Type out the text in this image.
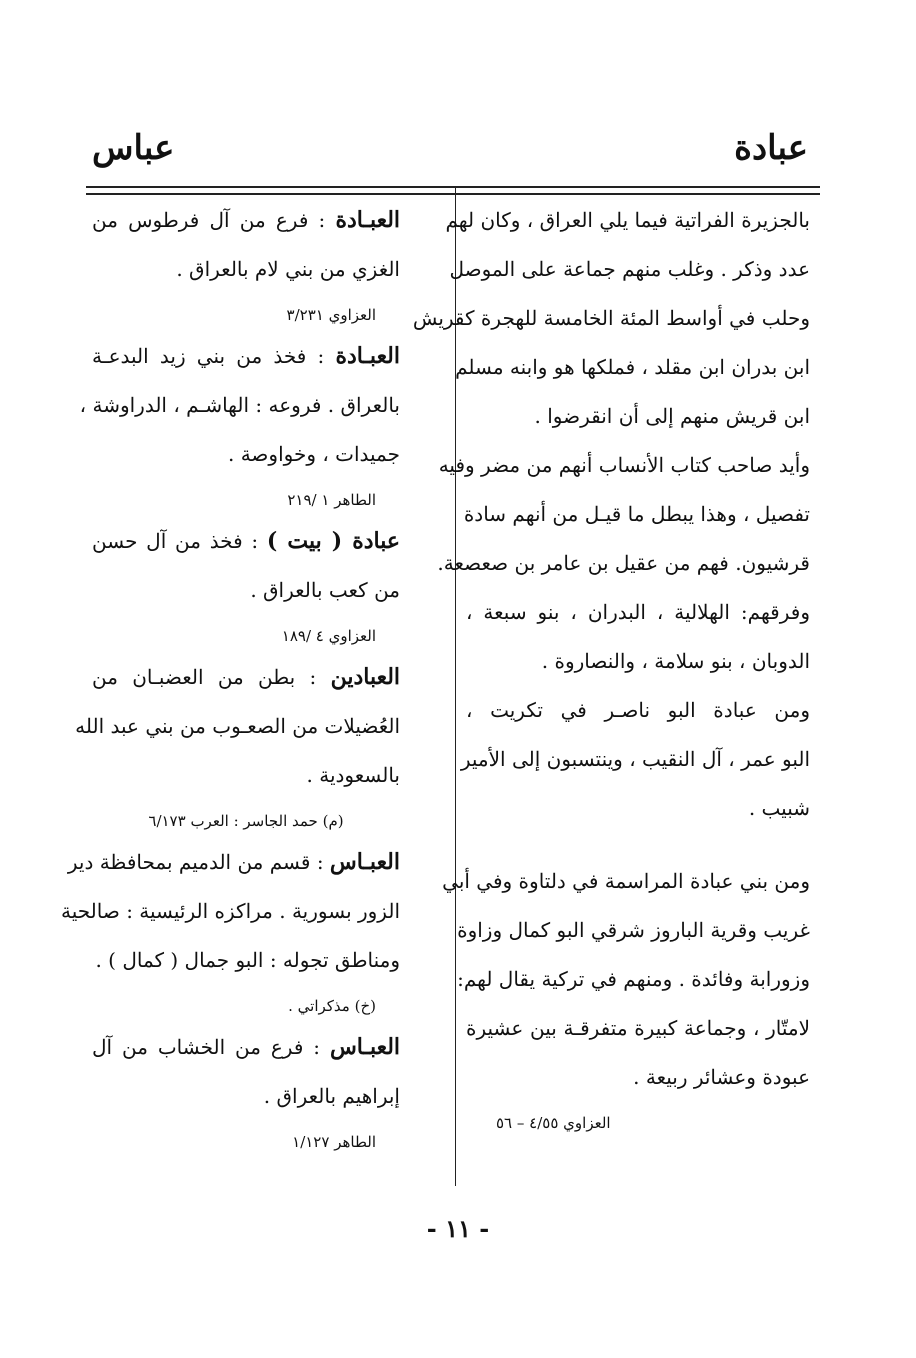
عبادة
عباس
بالجزيرة الفراتية فيما يلي العراق ، وكان لهم
عدد وذكر . وغلب منهم جماعة على الموصل
وحلب في أواسط المئة الخامسة للهجرة كقريش
ابن بدران ابن مقلد ، فملكها هو وابنه مسلم
ابن قريش منهم إلى أن انقرضوا .
وأيد صاحب كتاب الأنساب أنهم من مضر وفيه
تفصيل ، وهذا يبطل ما قيـل من أنهم سادة
قرشيون. فهم من عقيل بن عامر بن صعصعة.
وفرقهم: الهلالية ، البدران ، بنو سبعة ،
الدوبان ، بنو سلامة ، والنصاروة .
ومن عبادة البو ناصـر في تكريت ،
البو عمر ، آل النقيب ، وينتسبون إلى الأمير
شبيب .
ومن بني عبادة المراسمة في دلتاوة وفي أبي
غريب وقرية الباروز شرقي البو كمال وزاوة
وزورابة وفائدة . ومنهم في تركية يقال لهم:
لامتّار ، وجماعة كبيرة متفرقـة بين عشيرة
عبودة وعشائر ربيعة .
العزاوي ٤/٥٥ – ٥٦
العبـادة : فرع من آل فرطوس من
الغزي من بني لام بالعراق .
العزاوي ٣/٢٣١
العبـادة : فخذ من بني زيد البدعـة
بالعراق . فروعه : الهاشـم ، الدراوشة ،
جميدات ، وخواوصة .
الطاهر ١ /٢١٩
عبادة ( بيت ) : فخذ من آل حسن
من كعب بالعراق .
العزاوي ٤ /١٨٩
العبادين : بطن من العضبـان من
العُضيلات من الصعـوب من بني عبد الله
بالسعودية .
(م) حمد الجاسر : العرب ٦/١٧٣
العبـاس : قسم من الدميم بمحافظة دير
الزور بسورية . مراكزه الرئيسية : صالحية
ومناطق تجوله : البو جمال ( كمال ) .
(خ) مذكراتي .
العبـاس : فرع من الخشاب من آل
إبراهيم بالعراق .
الطاهر ١/١٢٧
- ١١ -
